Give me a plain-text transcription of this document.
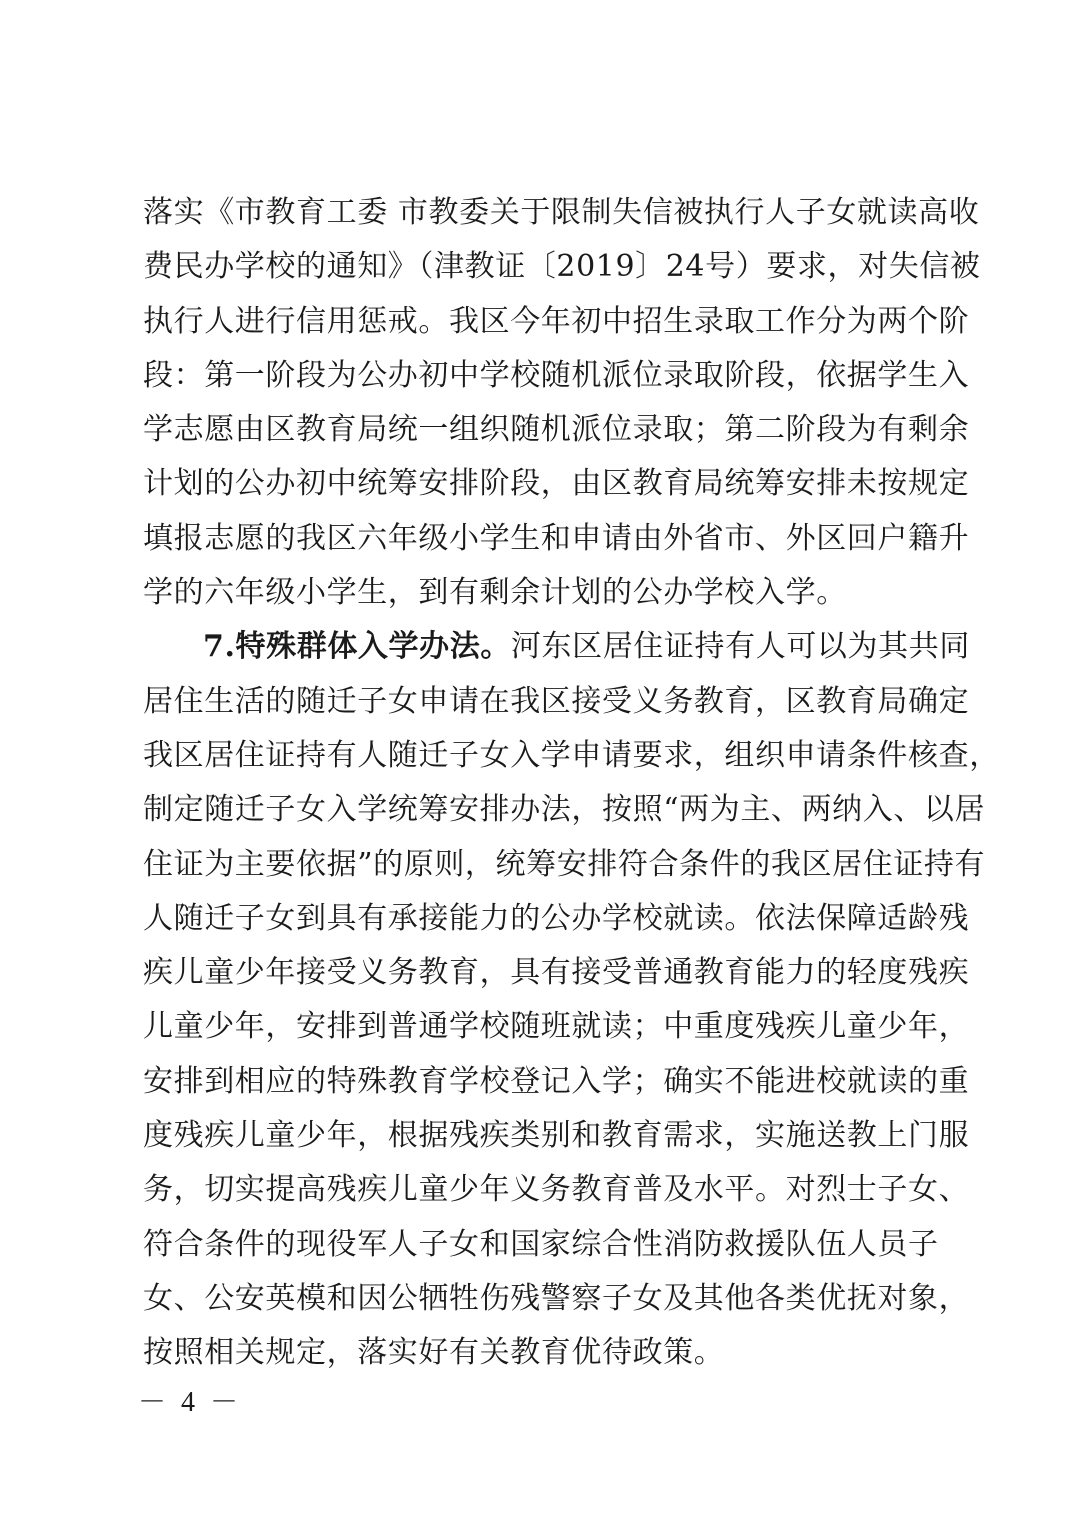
落实《市教育工委 市教委关于限制失信被执行人子女就读高收
费民办学校的通知》（津教证〔2019〕24号）要求，对失信被
执行人进行信用惩戒。我区今年初中招生录取工作分为两个阶
段：第一阶段为公办初中学校随机派位录取阶段，依据学生入
学志愿由区教育局统一组织随机派位录取；第二阶段为有剩余
计划的公办初中统筹安排阶段，由区教育局统筹安排未按规定
填报志愿的我区六年级小学生和申请由外省市、外区回户籍升
学的六年级小学生，到有剩余计划的公办学校入学。
7.特殊群体入学办法。河东区居住证持有人可以为其共同
居住生活的随迁子女申请在我区接受义务教育，区教育局确定
我区居住证持有人随迁子女入学申请要求，组织申请条件核查，
制定随迁子女入学统筹安排办法，按照“两为主、两纳入、以居
住证为主要依据”的原则，统筹安排符合条件的我区居住证持有
人随迁子女到具有承接能力的公办学校就读。依法保障适龄残
疾儿童少年接受义务教育，具有接受普通教育能力的轻度残疾
儿童少年，安排到普通学校随班就读；中重度残疾儿童少年，
安排到相应的特殊教育学校登记入学；确实不能进校就读的重
度残疾儿童少年，根据残疾类别和教育需求，实施送教上门服
务，切实提高残疾儿童少年义务教育普及水平。对烈士子女、
符合条件的现役军人子女和国家综合性消防救援队伍人员子
女、公安英模和因公牺牲伤残警察子女及其他各类优抚对象，
按照相关规定，落实好有关教育优待政策。
－ 4 －
